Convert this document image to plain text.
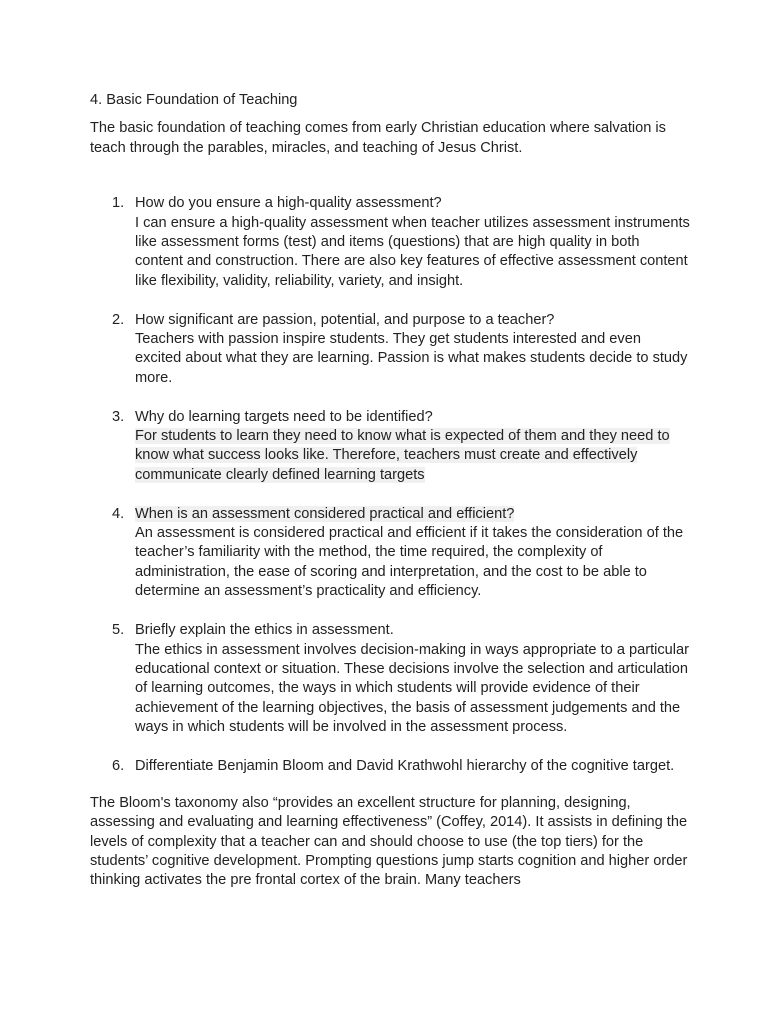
4. Basic Foundation of Teaching

The basic foundation of teaching comes from early Christian education where salvation is teach through the parables, miracles, and teaching of Jesus Christ.

1. How do you ensure a high-quality assessment?
I can ensure a high-quality assessment when teacher utilizes assessment instruments like assessment forms (test) and items (questions) that are high quality in both content and construction. There are also key features of effective assessment content like flexibility, validity, reliability, variety, and insight.
2. How significant are passion, potential, and purpose to a teacher?
Teachers with passion inspire students. They get students interested and even excited about what they are learning. Passion is what makes students decide to study more.
3. Why do learning targets need to be identified?
For students to learn they need to know what is expected of them and they need to know what success looks like. Therefore, teachers must create and effectively communicate clearly defined learning targets
4. When is an assessment considered practical and efficient?
An assessment is considered practical and efficient if it takes the consideration of the teacher’s familiarity with the method, the time required, the complexity of administration, the ease of scoring and interpretation, and the cost to be able to determine an assessment’s practicality and efficiency.
5. Briefly explain the ethics in assessment.
The ethics in assessment involves decision-making in ways appropriate to a particular educational context or situation. These decisions involve the selection and articulation of learning outcomes, the ways in which students will provide evidence of their achievement of the learning objectives, the basis of assessment judgements and the ways in which students will be involved in the assessment process.
6. Differentiate Benjamin Bloom and David Krathwohl hierarchy of the cognitive target.

The Bloom's taxonomy also “provides an excellent structure for planning, designing, assessing and evaluating and learning effectiveness” (Coffey, 2014). It assists in defining the levels of complexity that a teacher can and should choose to use (the top tiers) for the students’ cognitive development. Prompting questions jump starts cognition and higher order thinking activates the pre frontal cortex of the brain. Many teachers
